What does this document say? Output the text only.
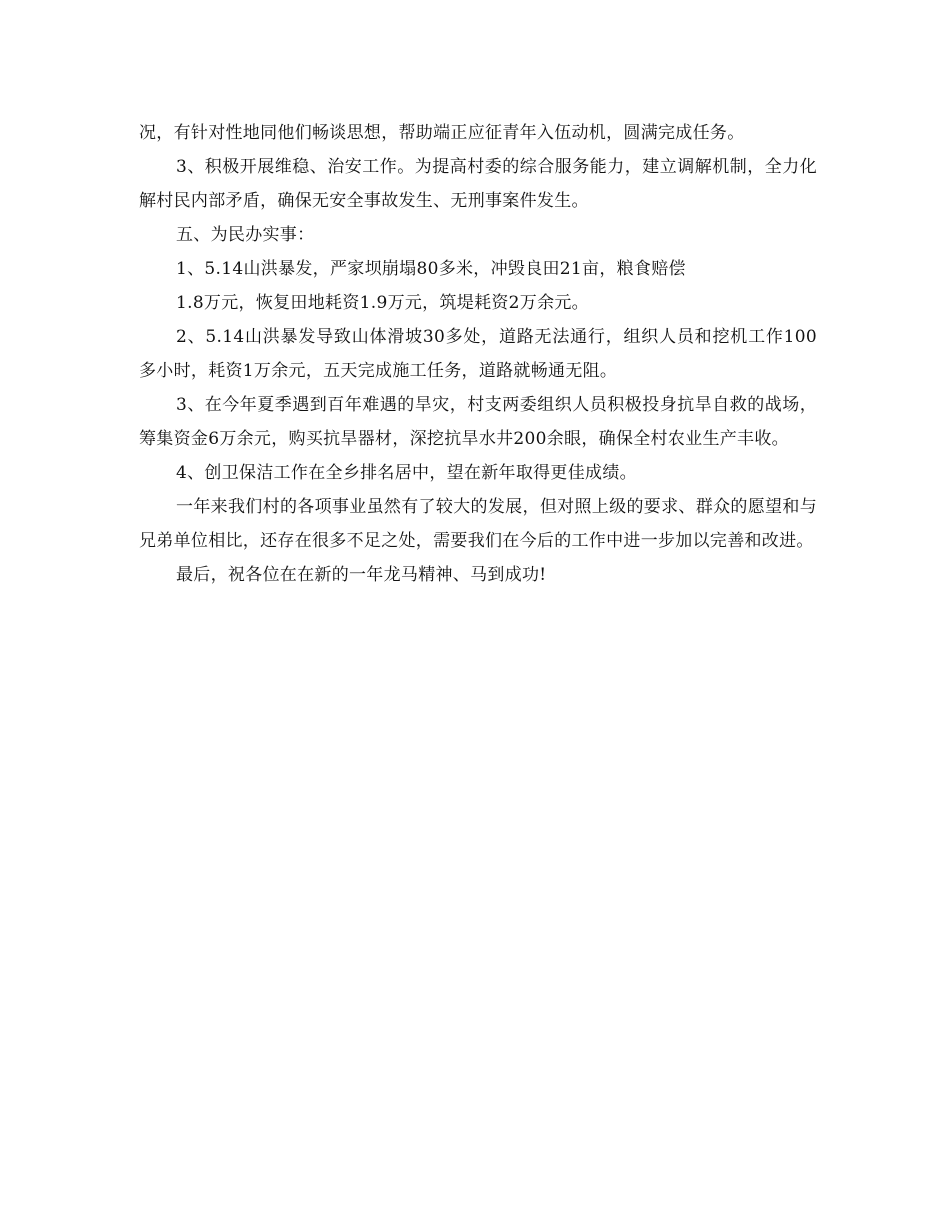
况，有针对性地同他们畅谈思想，帮助端正应征青年入伍动机，圆满完成任务。

3、积极开展维稳、治安工作。为提高村委的综合服务能力，建立调解机制，全力化解村民内部矛盾，确保无安全事故发生、无刑事案件发生。

五、为民办实事：

1、5.14山洪暴发，严家坝崩塌80多米，冲毁良田21亩，粮食赔偿

1.8万元，恢复田地耗资1.9万元，筑堤耗资2万余元。

2、5.14山洪暴发导致山体滑坡30多处，道路无法通行，组织人员和挖机工作100多小时，耗资1万余元，五天完成施工任务，道路就畅通无阻。

3、在今年夏季遇到百年难遇的旱灾，村支两委组织人员积极投身抗旱自救的战场，筹集资金6万余元，购买抗旱器材，深挖抗旱水井200余眼，确保全村农业生产丰收。

4、创卫保洁工作在全乡排名居中，望在新年取得更佳成绩。

一年来我们村的各项事业虽然有了较大的发展，但对照上级的要求、群众的愿望和与兄弟单位相比，还存在很多不足之处，需要我们在今后的工作中进一步加以完善和改进。

最后，祝各位在在新的一年龙马精神、马到成功!
